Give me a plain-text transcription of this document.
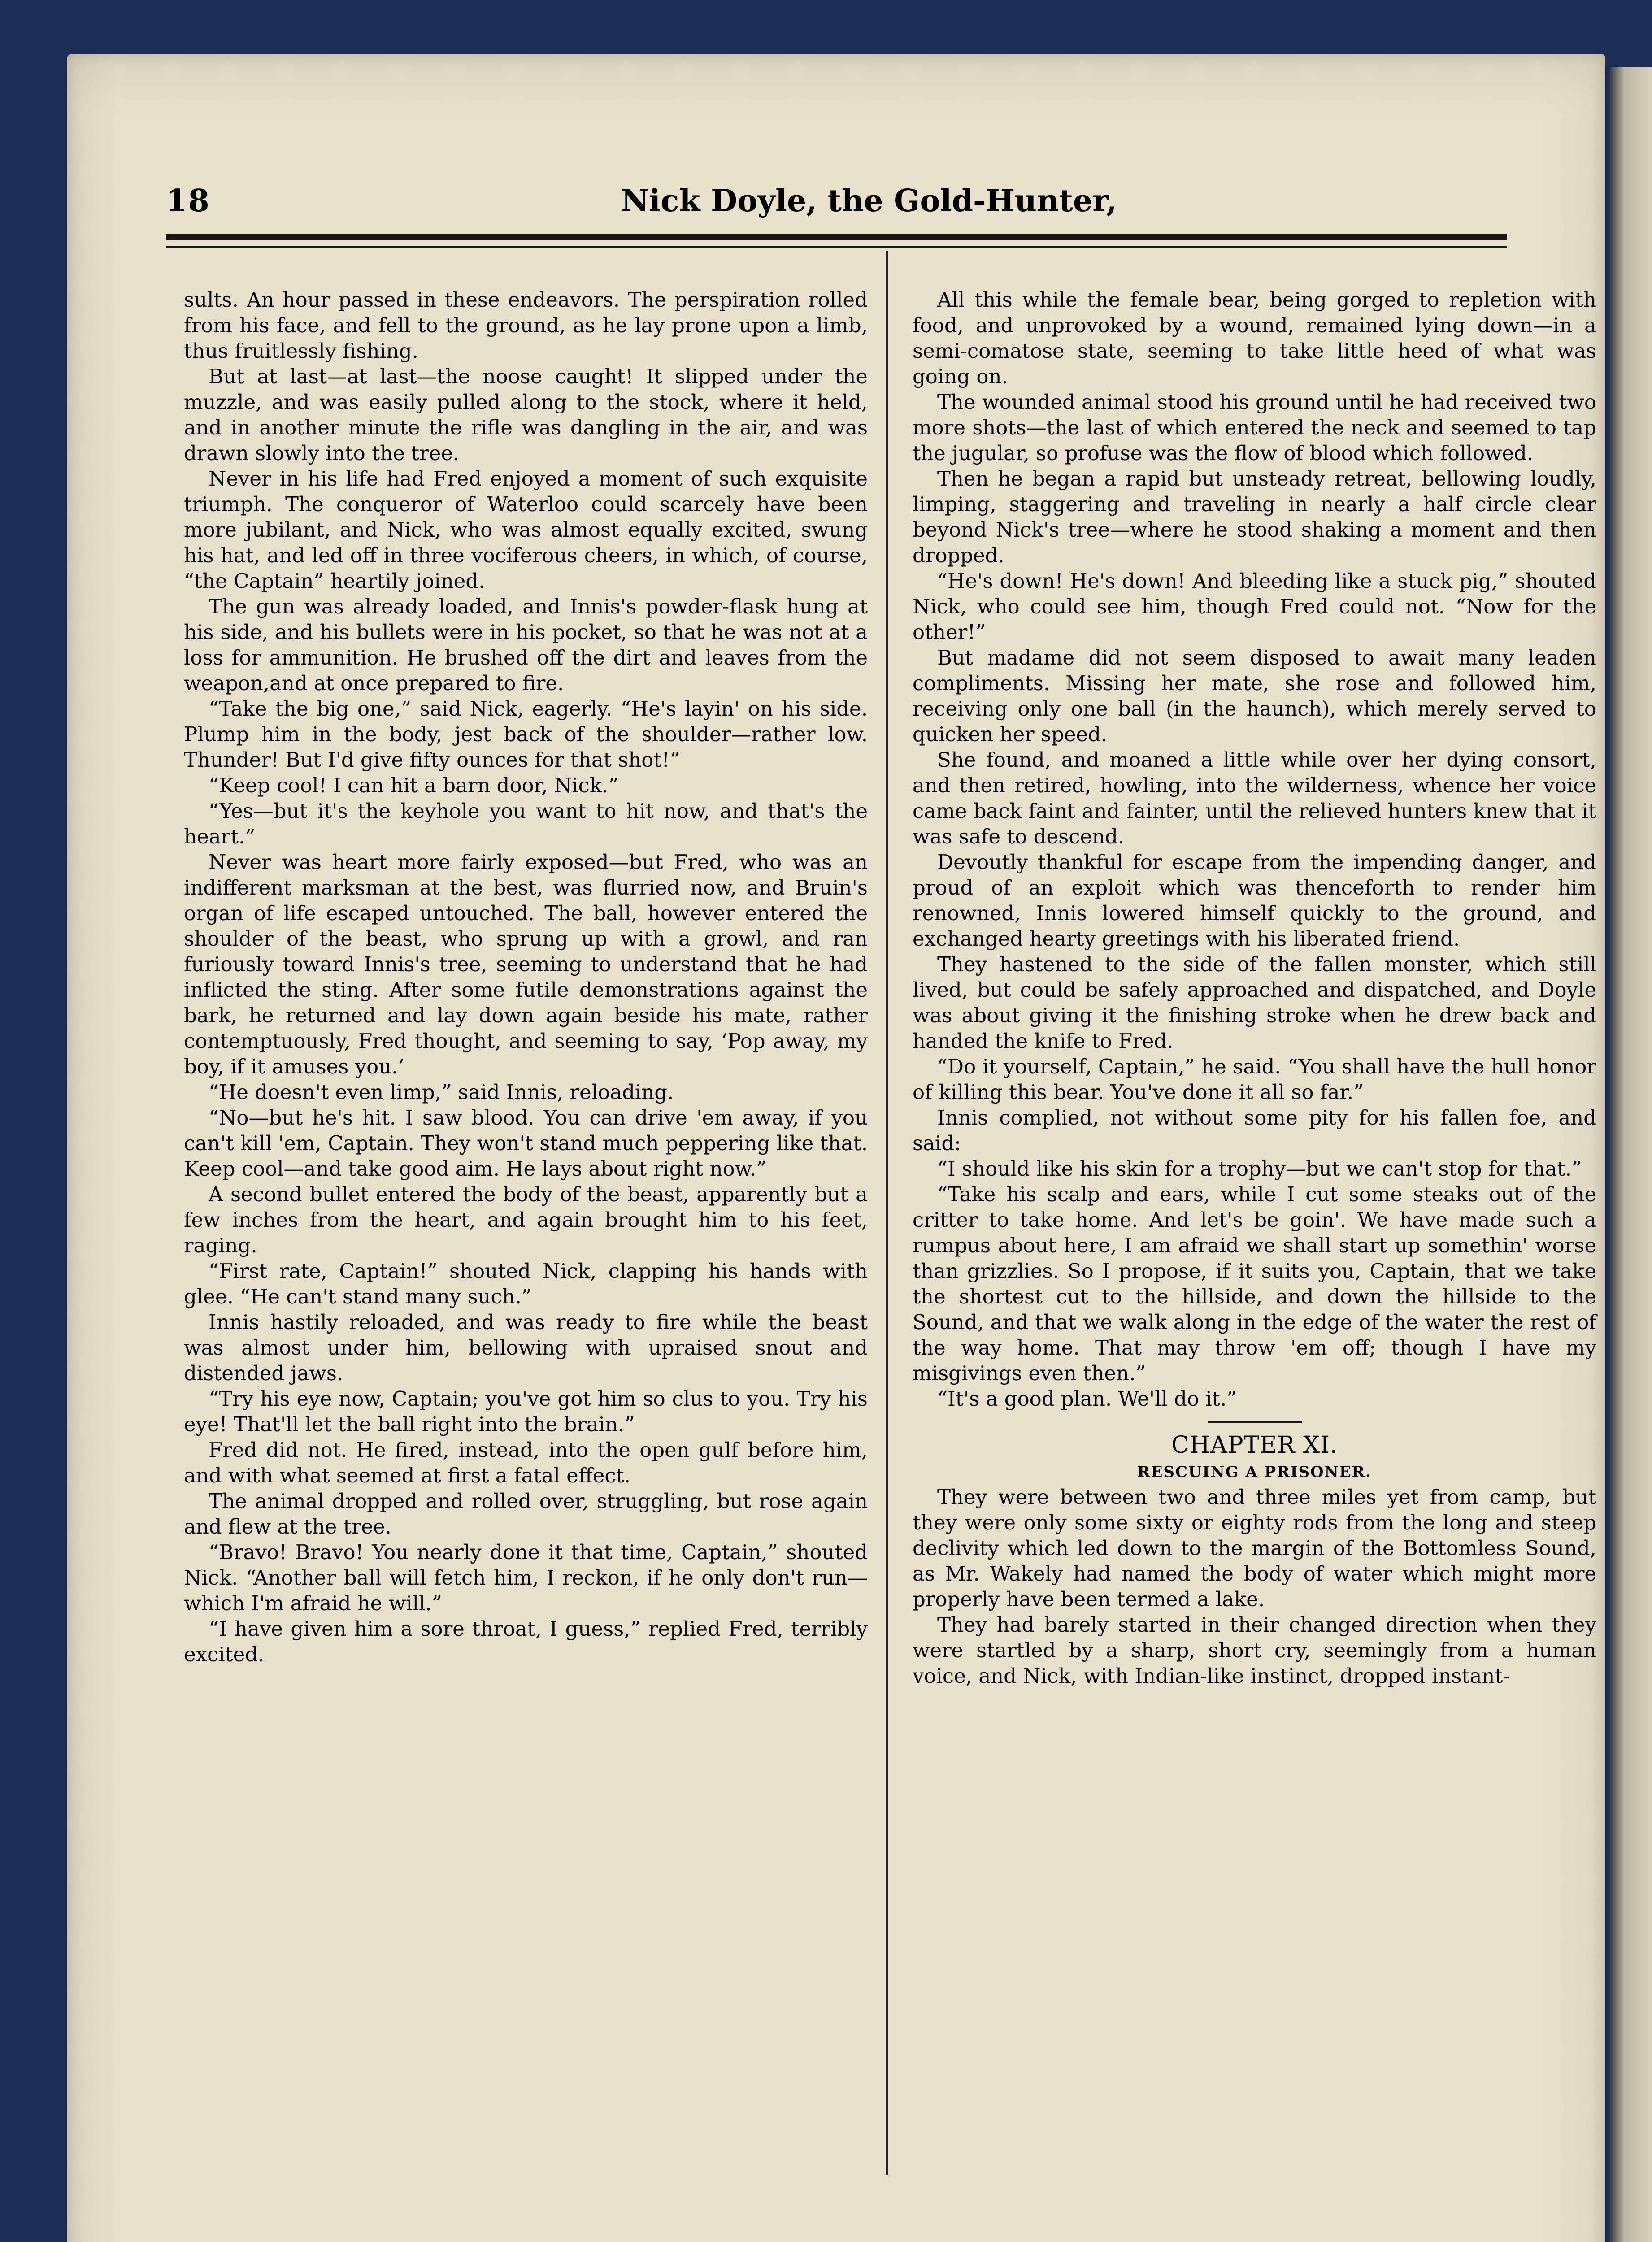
18	Nick Doyle, the Gold-Hunter,

sults. An hour passed in these endeavors. The perspiration rolled from his face, and fell to the ground, as he lay prone upon a limb, thus fruitlessly fishing.

But at last—at last—the noose caught! It slipped under the muzzle, and was easily pulled along to the stock, where it held, and in another minute the rifle was dangling in the air, and was drawn slowly into the tree.

Never in his life had Fred enjoyed a moment of such exquisite triumph. The conqueror of Waterloo could scarcely have been more jubilant, and Nick, who was almost equally excited, swung his hat, and led off in three vociferous cheers, in which, of course, “the Captain” heartily joined.

The gun was already loaded, and Innis's powder-flask hung at his side, and his bullets were in his pocket, so that he was not at a loss for ammunition. He brushed off the dirt and leaves from the weapon,and at once prepared to fire.

“Take the big one,” said Nick, eagerly. “He's layin' on his side. Plump him in the body, jest back of the shoulder—rather low. Thunder! But I'd give fifty ounces for that shot!”

“Keep cool! I can hit a barn door, Nick.”

“Yes—but it's the keyhole you want to hit now, and that's the heart.”

Never was heart more fairly exposed—but Fred, who was an indifferent marksman at the best, was flurried now, and Bruin's organ of life escaped untouched. The ball, however entered the shoulder of the beast, who sprung up with a growl, and ran furiously toward Innis's tree, seeming to understand that he had inflicted the sting. After some futile demonstrations against the bark, he returned and lay down again beside his mate, rather contemptuously, Fred thought, and seeming to say, ‘Pop away, my boy, if it amuses you.’

“He doesn't even limp,” said Innis, reloading.

“No—but he's hit. I saw blood. You can drive 'em away, if you can't kill 'em, Captain. They won't stand much peppering like that. Keep cool—and take good aim. He lays about right now.”

A second bullet entered the body of the beast, apparently but a few inches from the heart, and again brought him to his feet, raging.

“First rate, Captain!” shouted Nick, clapping his hands with glee. “He can't stand many such.”

Innis hastily reloaded, and was ready to fire while the beast was almost under him, bellowing with upraised snout and distended jaws.

“Try his eye now, Captain; you've got him so clus to you. Try his eye! That'll let the ball right into the brain.”

Fred did not. He fired, instead, into the open gulf before him, and with what seemed at first a fatal effect.

The animal dropped and rolled over, struggling, but rose again and flew at the tree.

“Bravo! Bravo! You nearly done it that time, Captain,” shouted Nick. “Another ball will fetch him, I reckon, if he only don't run—which I'm afraid he will.”

“I have given him a sore throat, I guess,” replied Fred, terribly excited.

All this while the female bear, being gorged to repletion with food, and unprovoked by a wound, remained lying down—in a semi-comatose state, seeming to take little heed of what was going on.

The wounded animal stood his ground until he had received two more shots—the last of which entered the neck and seemed to tap the jugular, so profuse was the flow of blood which followed.

Then he began a rapid but unsteady retreat, bellowing loudly, limping, staggering and traveling in nearly a half circle clear beyond Nick's tree—where he stood shaking a moment and then dropped.

“He's down! He's down! And bleeding like a stuck pig,” shouted Nick, who could see him, though Fred could not. “Now for the other!”

But madame did not seem disposed to await many leaden compliments. Missing her mate, she rose and followed him, receiving only one ball (in the haunch), which merely served to quicken her speed.

She found, and moaned a little while over her dying consort, and then retired, howling, into the wilderness, whence her voice came back faint and fainter, until the relieved hunters knew that it was safe to descend.

Devoutly thankful for escape from the impending danger, and proud of an exploit which was thenceforth to render him renowned, Innis lowered himself quickly to the ground, and exchanged hearty greetings with his liberated friend.

They hastened to the side of the fallen monster, which still lived, but could be safely approached and dispatched, and Doyle was about giving it the finishing stroke when he drew back and handed the knife to Fred.

“Do it yourself, Captain,” he said. “You shall have the hull honor of killing this bear. You've done it all so far.”

Innis complied, not without some pity for his fallen foe, and said:

“I should like his skin for a trophy—but we can't stop for that.”

“Take his scalp and ears, while I cut some steaks out of the critter to take home. And let's be goin'. We have made such a rumpus about here, I am afraid we shall start up somethin' worse than grizzlies. So I propose, if it suits you, Captain, that we take the shortest cut to the hillside, and down the hillside to the Sound, and that we walk along in the edge of the water the rest of the way home. That may throw 'em off; though I have my misgivings even then.”

“It's a good plan. We'll do it.”

CHAPTER XI.
RESCUING A PRISONER.

They were between two and three miles yet from camp, but they were only some sixty or eighty rods from the long and steep declivity which led down to the margin of the Bottomless Sound, as Mr. Wakely had named the body of water which might more properly have been termed a lake.

They had barely started in their changed direction when they were startled by a sharp, short cry, seemingly from a human voice, and Nick, with Indian-like instinct, dropped instant-
